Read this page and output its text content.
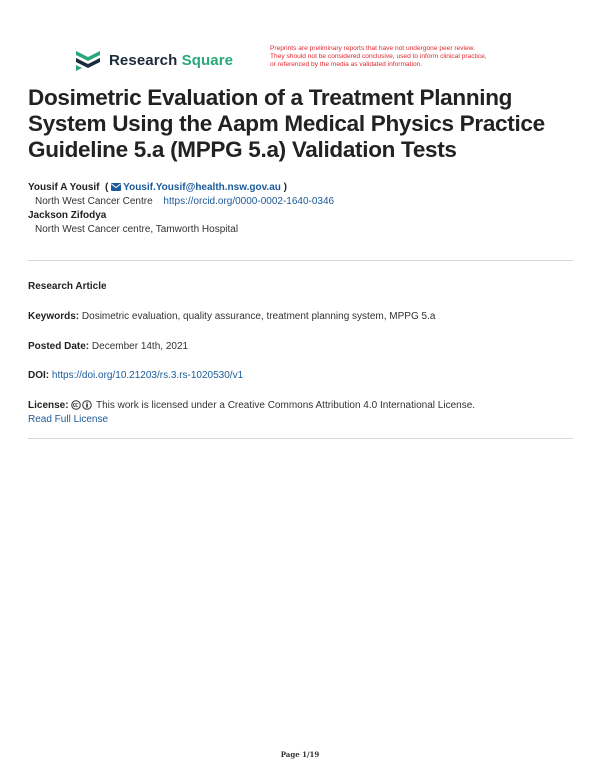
Research Square
Preprints are preliminary reports that have not undergone peer review.
They should not be considered conclusive, used to inform clinical practice,
or referenced by the media as validated information.
Dosimetric Evaluation of a Treatment Planning System Using the Aapm Medical Physics Practice Guideline 5.a (MPPG 5.a) Validation Tests
Yousif A Yousif  ( Yousif.Yousif@health.nsw.gov.au )
North West Cancer Centre https://orcid.org/0000-0002-1640-0346
Jackson Zifodya
North West Cancer centre, Tamworth Hospital
Research Article
Keywords: Dosimetric evaluation, quality assurance, treatment planning system, MPPG 5.a
Posted Date: December 14th, 2021
DOI: https://doi.org/10.21203/rs.3.rs-1020530/v1
License:	This work is licensed under a Creative Commons Attribution 4.0 International License.
Read Full License
Page 1/19
